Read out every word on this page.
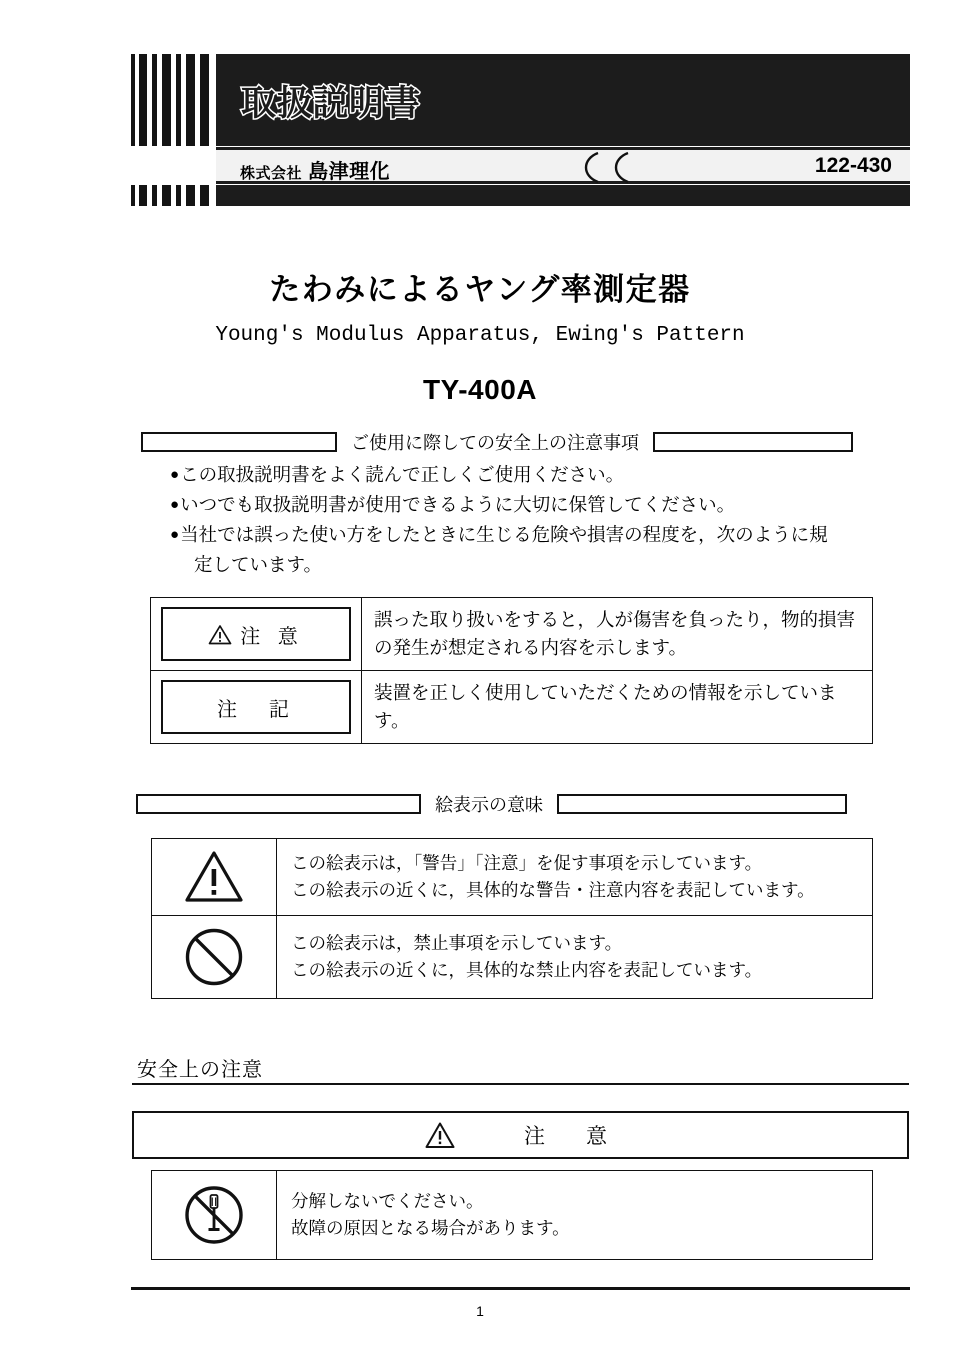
取扱説明書
株式会社 島津理化	122-430
たわみによるヤング率測定器
Young's Modulus Apparatus, Ewing's Pattern
TY-400A
ご使用に際しての安全上の注意事項
●この取扱説明書をよく読んで正しくご使用ください。
●いつでも取扱説明書が使用できるように大切に保管してください。
●当社では誤った使い方をしたときに生じる危険や損害の程度を，次のように規
定しています。
注 意	誤った取り扱いをすると，人が傷害を負ったり，物的損害
の発生が想定される内容を示します。

注　記	装置を正しく使用していただくための情報を示していま
す。
絵表示の意味

この絵表示は，「警告」「注意」を促す事項を示しています。
この絵表示の近くに，具体的な警告・注意内容を表記しています。

この絵表示は，禁止事項を示しています。
この絵表示の近くに，具体的な禁止内容を表記しています。
安全上の注意
注　意

分解しないでください。
故障の原因となる場合があります。
1
